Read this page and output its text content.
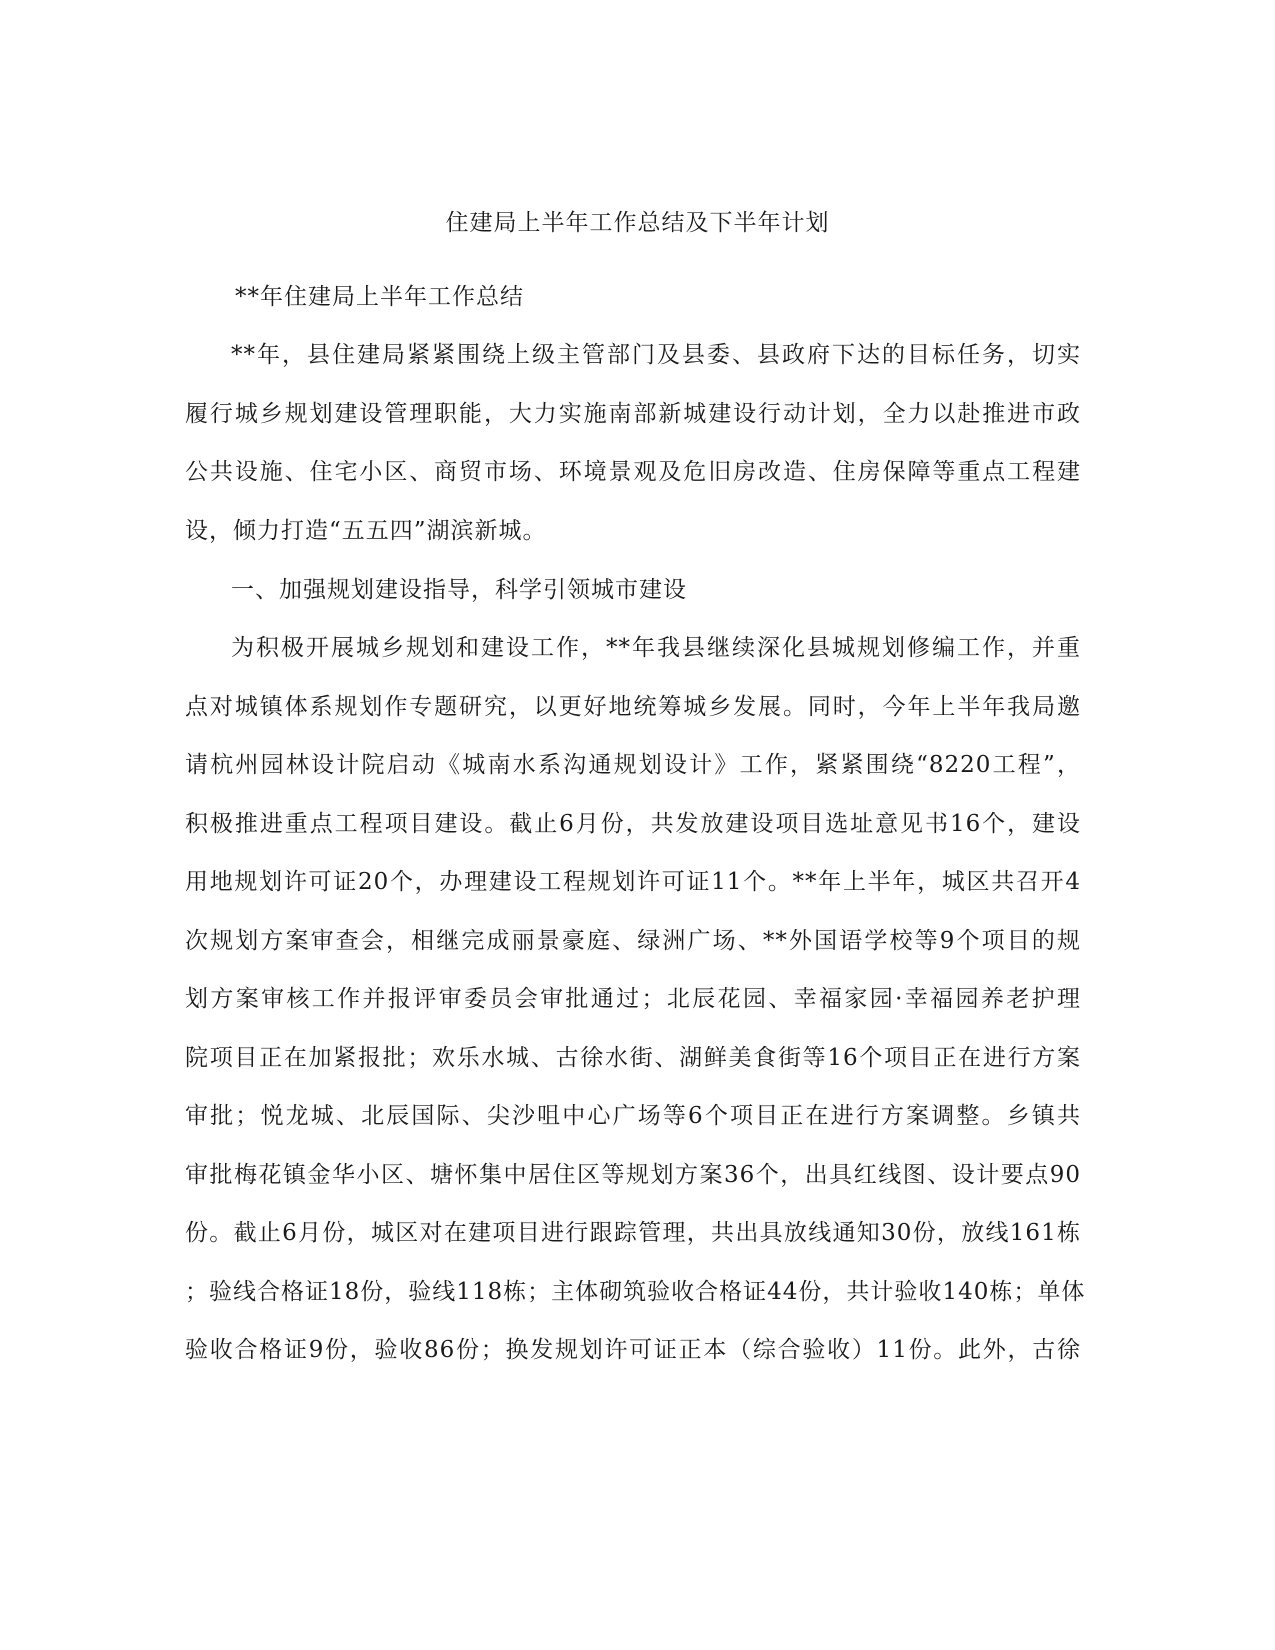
住建局上半年工作总结及下半年计划

**年住建局上半年工作总结

**年，县住建局紧紧围绕上级主管部门及县委、县政府下达的目标任务，切实
履行城乡规划建设管理职能，大力实施南部新城建设行动计划，全力以赴推进市政
公共设施、住宅小区、商贸市场、环境景观及危旧房改造、住房保障等重点工程建
设，倾力打造“五五四”湖滨新城。
一、加强规划建设指导，科学引领城市建设
为积极开展城乡规划和建设工作，**年我县继续深化县城规划修编工作，并重
点对城镇体系规划作专题研究，以更好地统筹城乡发展。同时，今年上半年我局邀
请杭州园林设计院启动《城南水系沟通规划设计》工作，紧紧围绕“8220工程”，
积极推进重点工程项目建设。截止6月份，共发放建设项目选址意见书16个，建设
用地规划许可证20个，办理建设工程规划许可证11个。**年上半年，城区共召开4
次规划方案审查会，相继完成丽景豪庭、绿洲广场、**外国语学校等9个项目的规
划方案审核工作并报评审委员会审批通过；北辰花园、幸福家园·幸福园养老护理
院项目正在加紧报批；欢乐水城、古徐水街、湖鲜美食街等16个项目正在进行方案
审批；悦龙城、北辰国际、尖沙咀中心广场等6个项目正在进行方案调整。乡镇共
审批梅花镇金华小区、塘怀集中居住区等规划方案36个，出具红线图、设计要点90
份。截止6月份，城区对在建项目进行跟踪管理，共出具放线通知30份，放线161栋
；验线合格证18份，验线118栋；主体砌筑验收合格证44份，共计验收140栋；单体
验收合格证9份，验收86份；换发规划许可证正本（综合验收）11份。此外，古徐
